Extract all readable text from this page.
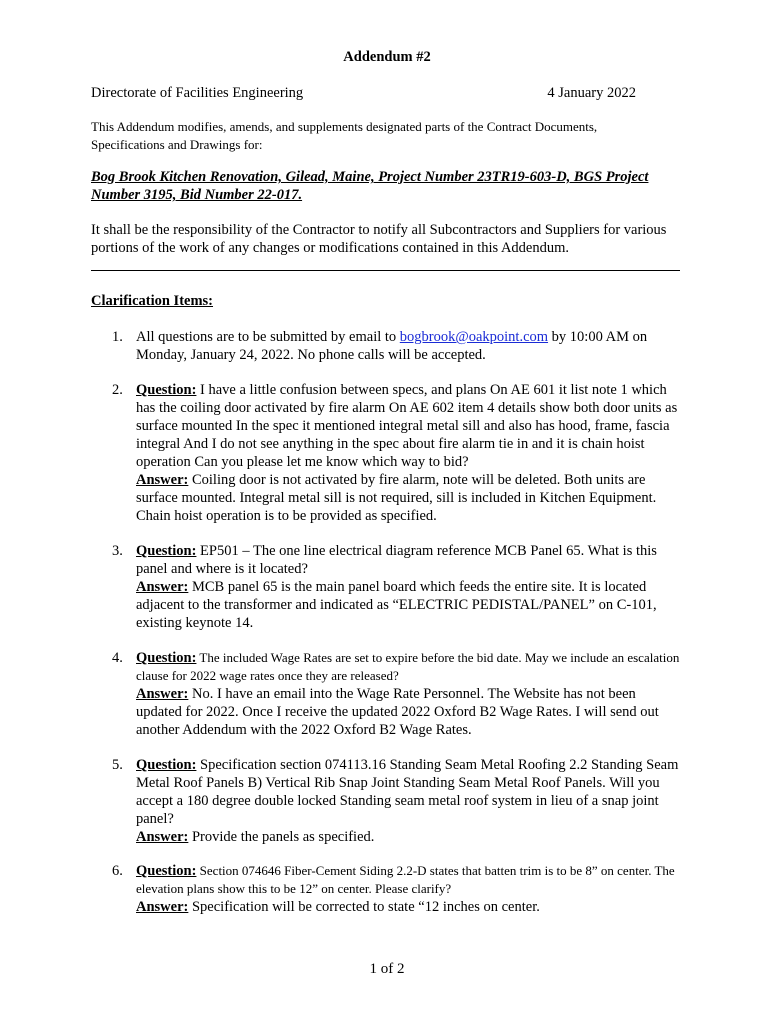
Addendum #2
Directorate of Facilities Engineering	4 January 2022
This Addendum modifies, amends, and supplements designated parts of the Contract Documents, Specifications and Drawings for:
Bog Brook Kitchen Renovation, Gilead, Maine, Project Number 23TR19-603-D, BGS Project Number 3195, Bid Number 22-017.
It shall be the responsibility of the Contractor to notify all Subcontractors and Suppliers for various portions of the work of any changes or modifications contained in this Addendum.
Clarification Items:
1. All questions are to be submitted by email to bogbrook@oakpoint.com by 10:00 AM on Monday, January 24, 2022. No phone calls will be accepted.
2. Question: I have a little confusion between specs, and plans On AE 601 it list note 1 which has the coiling door activated by fire alarm On AE 602 item 4 details show both door units as surface mounted In the spec it mentioned integral metal sill and also has hood, frame, fascia integral And I do not see anything in the spec about fire alarm tie in and it is chain hoist operation Can you please let me know which way to bid?
Answer: Coiling door is not activated by fire alarm, note will be deleted. Both units are surface mounted. Integral metal sill is not required, sill is included in Kitchen Equipment. Chain hoist operation is to be provided as specified.
3. Question: EP501 – The one line electrical diagram reference MCB Panel 65. What is this panel and where is it located?
Answer: MCB panel 65 is the main panel board which feeds the entire site. It is located adjacent to the transformer and indicated as “ELECTRIC PEDISTAL/PANEL” on C-101, existing keynote 14.
4. Question: The included Wage Rates are set to expire before the bid date. May we include an escalation clause for 2022 wage rates once they are released?
Answer: No. I have an email into the Wage Rate Personnel. The Website has not been updated for 2022. Once I receive the updated 2022 Oxford B2 Wage Rates. I will send out another Addendum with the 2022 Oxford B2 Wage Rates.
5. Question: Specification section 074113.16 Standing Seam Metal Roofing 2.2 Standing Seam Metal Roof Panels B) Vertical Rib Snap Joint Standing Seam Metal Roof Panels. Will you accept a 180 degree double locked Standing seam metal roof system in lieu of a snap joint panel?
Answer: Provide the panels as specified.
6. Question: Section 074646 Fiber-Cement Siding 2.2-D states that batten trim is to be 8” on center. The elevation plans show this to be 12” on center. Please clarify?
Answer: Specification will be corrected to state “12 inches on center.
1 of 2
